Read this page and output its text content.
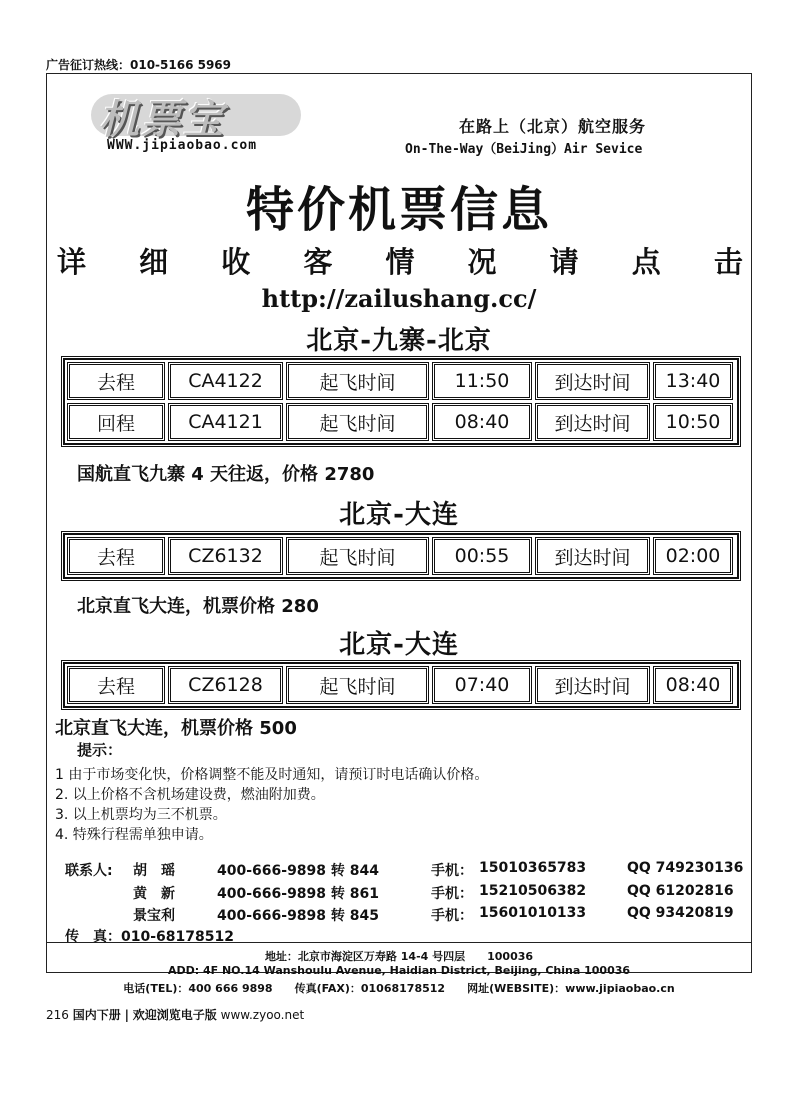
广告征订热线：010-5166 5969
机票宝
WWW.jipiaobao.com
在路上（北京）航空服务
On-The-Way（BeiJing）Air Sevice
特价机票信息
详 细 收 客 情 况 请 点 击
http://zailushang.cc/
北京-九寨-北京
去程	CA4122	起飞时间	11:50	到达时间	13:40
回程	CA4121	起飞时间	08:40	到达时间	10:50
国航直飞九寨 4 天往返，价格 2780
北京-大连
去程	CZ6132	起飞时间	00:55	到达时间	02:00
北京直飞大连，机票价格 280
北京-大连
去程	CZ6128	起飞时间	07:40	到达时间	08:40
北京直飞大连，机票价格 500
提示：
1 由于市场变化快，价格调整不能及时通知，请预订时电话确认价格。
2. 以上价格不含机场建设费，燃油附加费。
3. 以上机票均为三不机票。
4. 特殊行程需单独申请。
联系人: 胡　瑶	400-666-9898 转 844	手机： 15010365783	QQ 749230136
黄　新	400-666-9898 转 861	手机： 15210506382	QQ 61202816
景宝利	400-666-9898 转 845	手机： 15601010133	QQ 93420819
传　真：010-68178512
地址：北京市海淀区万寿路 14-4 号四层　　100036
ADD: 4F NO.14 Wanshoulu Avenue, Haidian District, Beijing, China 100036
电话(TEL)：400 666 9898　　传真(FAX)：01068178512　　网址(WEBSITE)：www.jipiaobao.cn
216 国内下册 | 欢迎浏览电子版 www.zyoo.net
